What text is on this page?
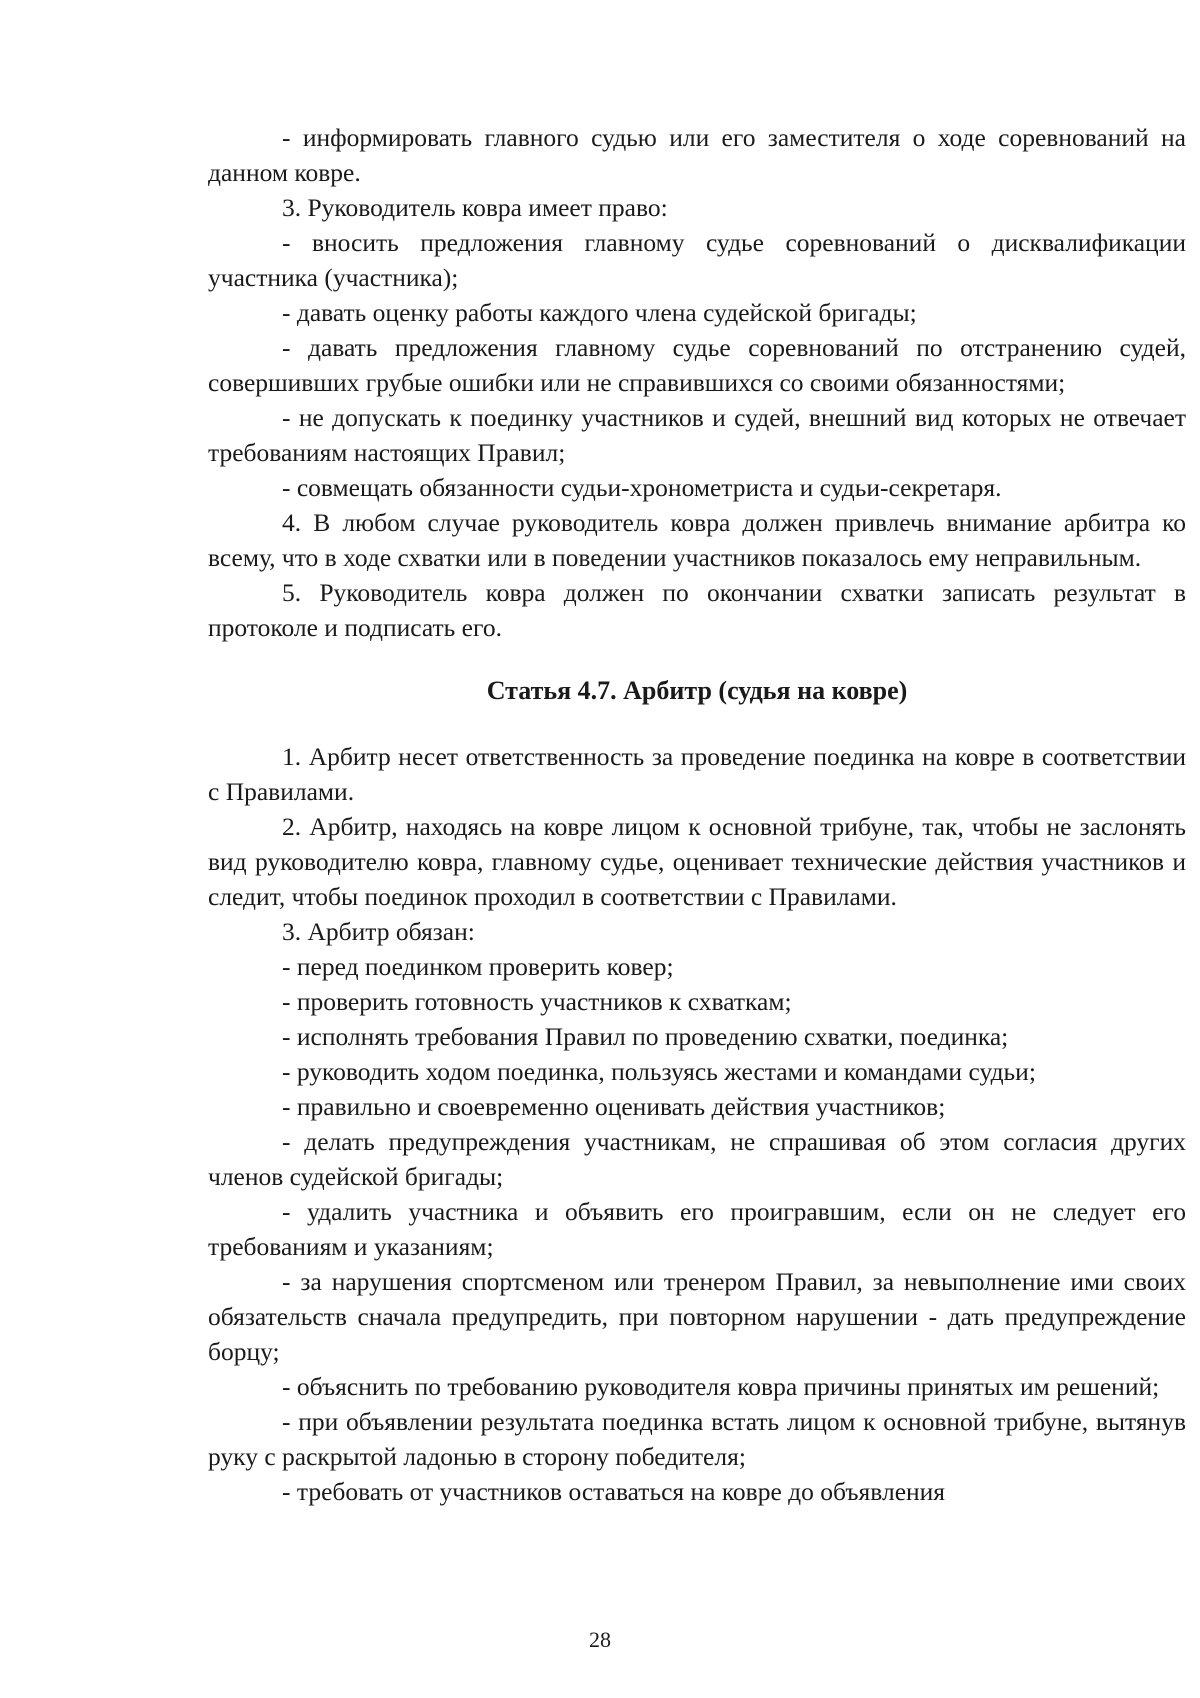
- информировать главного судью или его заместителя о ходе соревнований на данном ковре.

3. Руководитель ковра имеет право:

- вносить предложения главному судье соревнований о дисквалификации участника (участника);

- давать оценку работы каждого члена судейской бригады;

- давать предложения главному судье соревнований по отстранению судей, совершивших грубые ошибки или не справившихся со своими обязанностями;

- не допускать к поединку участников и судей, внешний вид которых не отвечает требованиям настоящих Правил;

- совмещать обязанности судьи-хронометриста и судьи-секретаря.

4. В любом случае руководитель ковра должен привлечь внимание арбитра ко всему, что в ходе схватки или в поведении участников показалось ему неправильным.

5. Руководитель ковра должен по окончании схватки записать результат в протоколе и подписать его.

Статья 4.7. Арбитр (судья на ковре)

1. Арбитр несет ответственность за проведение поединка на ковре в соответствии с Правилами.

2. Арбитр, находясь на ковре лицом к основной трибуне, так, чтобы не заслонять вид руководителю ковра, главному судье, оценивает технические действия участников и следит, чтобы поединок проходил в соответствии с Правилами.

3. Арбитр обязан:

- перед поединком проверить ковер;

- проверить готовность участников к схваткам;

- исполнять требования Правил по проведению схватки, поединка;

- руководить ходом поединка, пользуясь жестами и командами судьи;

- правильно и своевременно оценивать действия участников;

- делать предупреждения участникам, не спрашивая об этом согласия других членов судейской бригады;

- удалить участника и объявить его проигравшим, если он не следует его требованиям и указаниям;

- за нарушения спортсменом или тренером Правил, за невыполнение ими своих обязательств сначала предупредить, при повторном нарушении - дать предупреждение борцу;

- объяснить по требованию руководителя ковра причины принятых им решений;

- при объявлении результата поединка встать лицом к основной трибуне, вытянув руку с раскрытой ладонью в сторону победителя;

- требовать от участников оставаться на ковре до объявления

28
